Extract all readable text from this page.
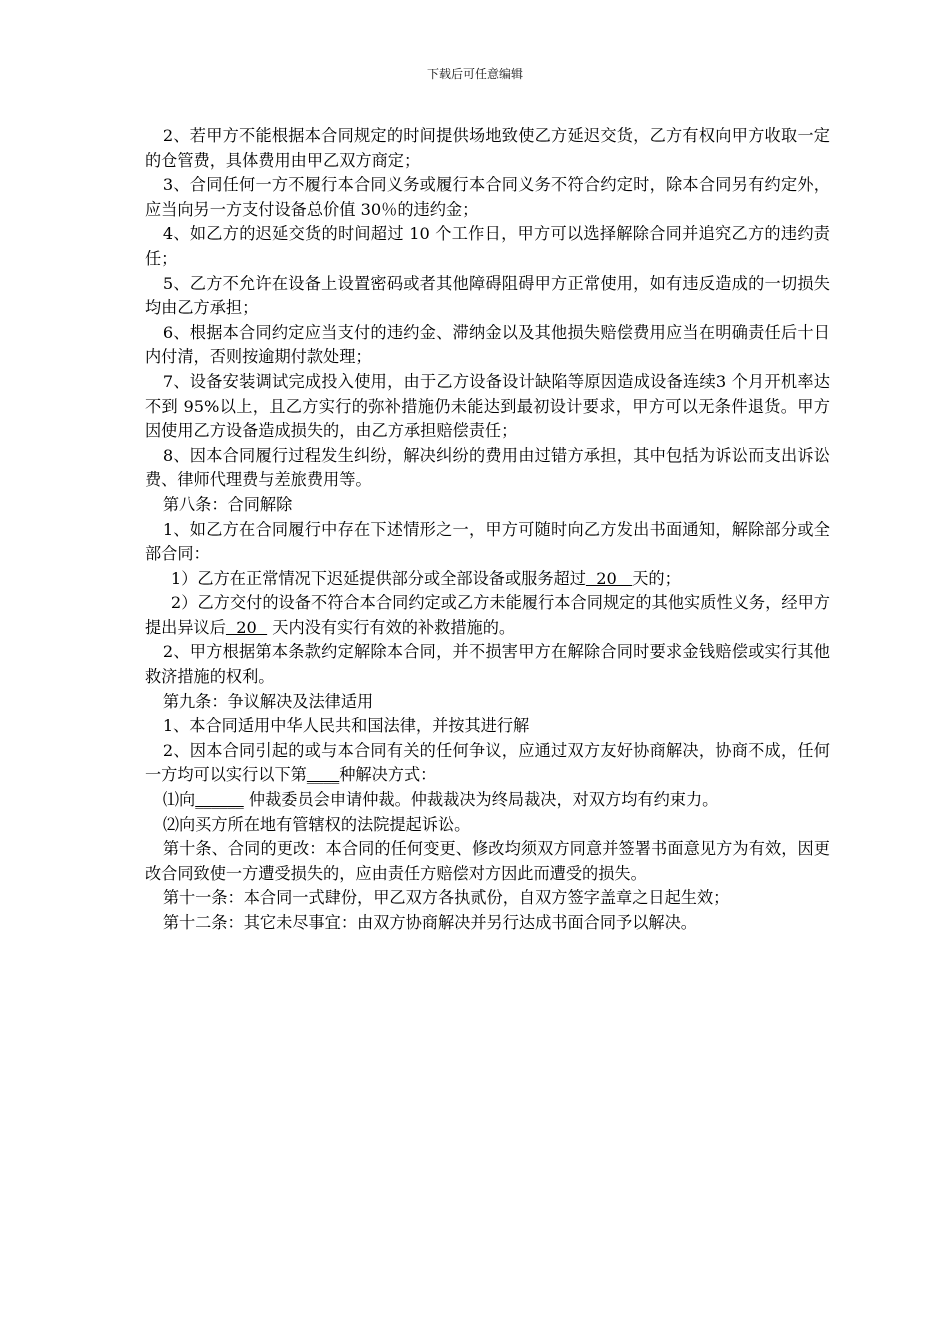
下载后可任意编辑

2、若甲方不能根据本合同规定的时间提供场地致使乙方延迟交货，乙方有权向甲方收取一定的仓管费，具体费用由甲乙双方商定；

3、合同任何一方不履行本合同义务或履行本合同义务不符合约定时，除本合同另有约定外，应当向另一方支付设备总价值 30％的违约金；

4、如乙方的迟延交货的时间超过 10 个工作日，甲方可以选择解除合同并追究乙方的违约责任；

5、乙方不允许在设备上设置密码或者其他障碍阻碍甲方正常使用，如有违反造成的一切损失均由乙方承担；

6、根据本合同约定应当支付的违约金、滞纳金以及其他损失赔偿费用应当在明确责任后十日内付清，否则按逾期付款处理；

7、设备安装调试完成投入使用，由于乙方设备设计缺陷等原因造成设备连续3 个月开机率达不到 95%以上，且乙方实行的弥补措施仍未能达到最初设计要求，甲方可以无条件退货。甲方因使用乙方设备造成损失的，由乙方承担赔偿责任；

8、因本合同履行过程发生纠纷，解决纠纷的费用由过错方承担，其中包括为诉讼而支出诉讼费、律师代理费与差旅费用等。

第八条：合同解除

1、如乙方在合同履行中存在下述情形之一，甲方可随时向乙方发出书面通知，解除部分或全部合同：

1）乙方在正常情况下迟延提供部分或全部设备或服务超过  20   天的；

2）乙方交付的设备不符合本合同约定或乙方未能履行本合同规定的其他实质性义务，经甲方提出异议后  20   天内没有实行有效的补救措施的。

2、甲方根据第本条款约定解除本合同，并不损害甲方在解除合同时要求金钱赔偿或实行其他救济措施的权利。

第九条：争议解决及法律适用

1、本合同适用中华人民共和国法律，并按其进行解

2、因本合同引起的或与本合同有关的任何争议，应通过双方友好协商解决，协商不成，任何一方均可以实行以下第____种解决方式：

⑴向______ 仲裁委员会申请仲裁。仲裁裁决为终局裁决，对双方均有约束力。

⑵向买方所在地有管辖权的法院提起诉讼。

第十条、合同的更改：本合同的任何变更、修改均须双方同意并签署书面意见方为有效，因更改合同致使一方遭受损失的，应由责任方赔偿对方因此而遭受的损失。

第十一条：本合同一式肆份，甲乙双方各执贰份，自双方签字盖章之日起生效；

第十二条：其它未尽事宜：由双方协商解决并另行达成书面合同予以解决。
